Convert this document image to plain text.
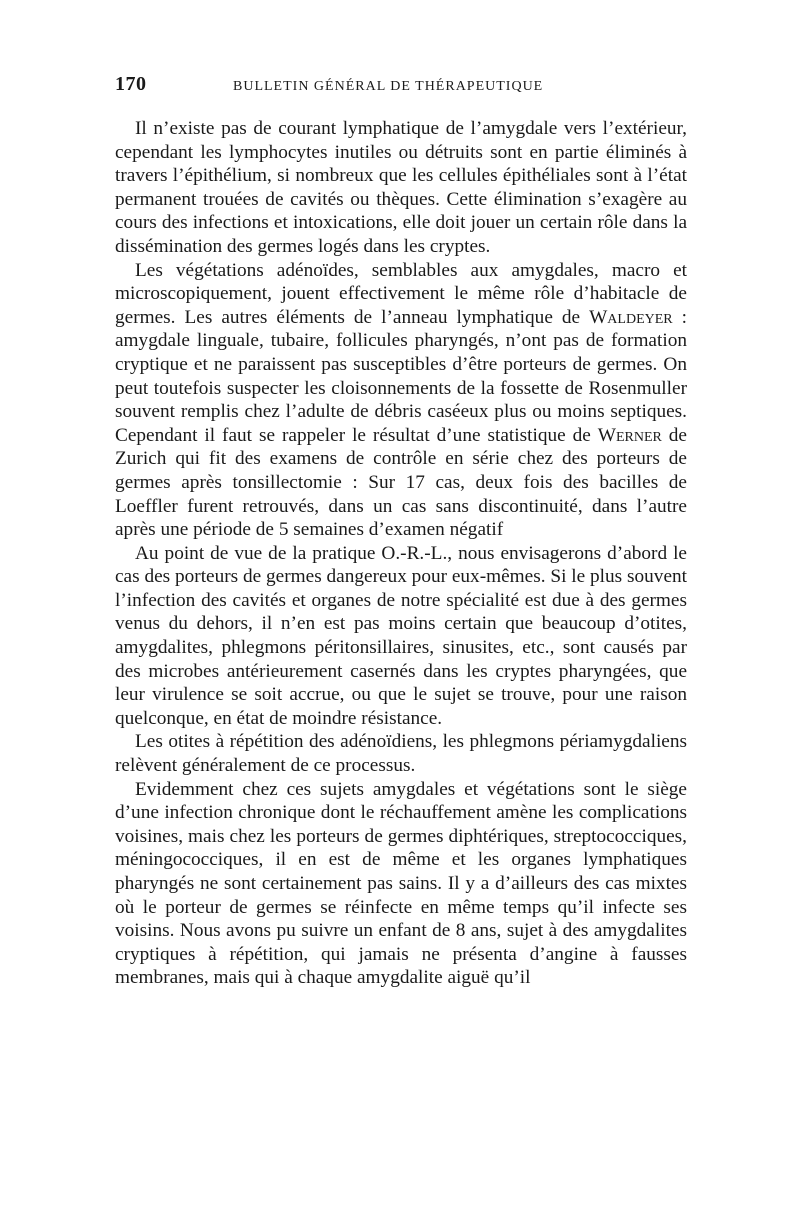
170	BULLETIN GÉNÉRAL DE THÉRAPEUTIQUE

Il n’existe pas de courant lymphatique de l’amygdale vers l’extérieur, cependant les lymphocytes inutiles ou détruits sont en partie éliminés à travers l’épithélium, si nombreux que les cellules épithéliales sont à l’état permanent trouées de cavités ou thèques. Cette élimination s’exagère au cours des infections et intoxications, elle doit jouer un certain rôle dans la dissémination des germes logés dans les cryptes.

Les végétations adénoïdes, semblables aux amygdales, macro et microscopiquement, jouent effectivement le même rôle d’habitacle de germes. Les autres éléments de l’anneau lymphatique de Waldeyer : amygdale linguale, tubaire, follicules pharyngés, n’ont pas de formation cryptique et ne paraissent pas susceptibles d’être porteurs de germes. On peut toutefois suspecter les cloisonnements de la fossette de Rosenmuller souvent remplis chez l’adulte de débris caséeux plus ou moins septiques. Cependant il faut se rappeler le résultat d’une statistique de Werner de Zurich qui fit des examens de contrôle en série chez des porteurs de germes après tonsillectomie : Sur 17 cas, deux fois des bacilles de Loeffler furent retrouvés, dans un cas sans discontinuité, dans l’autre après une période de 5 semaines d’examen négatif

Au point de vue de la pratique O.-R.-L., nous envisagerons d’abord le cas des porteurs de germes dangereux pour eux-mêmes. Si le plus souvent l’infection des cavités et organes de notre spécialité est due à des germes venus du dehors, il n’en est pas moins certain que beaucoup d’otites, amygdalites, phlegmons péritonsillaires, sinusites, etc., sont causés par des microbes antérieurement casernés dans les cryptes pharyngées, que leur virulence se soit accrue, ou que le sujet se trouve, pour une raison quelconque, en état de moindre résistance.

Les otites à répétition des adénoïdiens, les phlegmons périamygdaliens relèvent généralement de ce processus.

Evidemment chez ces sujets amygdales et végétations sont le siège d’une infection chronique dont le réchauffement amène les complications voisines, mais chez les porteurs de germes diphtériques, streptococciques, méningococciques, il en est de même et les organes lymphatiques pharyngés ne sont certainement pas sains. Il y a d’ailleurs des cas mixtes où le porteur de germes se réinfecte en même temps qu’il infecte ses voisins. Nous avons pu suivre un enfant de 8 ans, sujet à des amygdalites cryptiques à répétition, qui jamais ne présenta d’angine à fausses membranes, mais qui à chaque amygdalite aiguë qu’il
